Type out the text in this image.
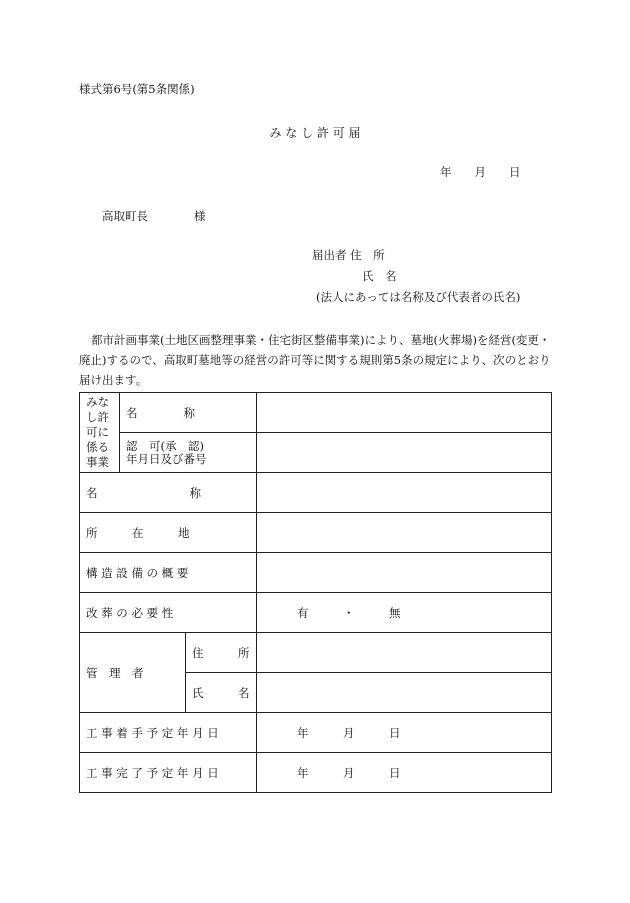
様式第6号(第5条関係)
み な し 許 可 届
年　　月　　日
高取町長　　　　様
届出者 住　所
氏　名
(法人にあっては名称及び代表者の氏名)
都市計画事業(土地区画整理事業・住宅街区整備事業)により、墓地(火葬場)を経営(変更・廃止)するので、高取町墓地等の経営の許可等に関する規則第5条の規定により、次のとおり届け出ます。
みなし許可に係る事業	名　　　　称		

	認　可(承　認)
年月日及び番号		

名　　　　　　　　称			
所　　　在　　　地			
構 造 設 備 の 概 要			
改 葬 の 必 要 性			有　　　・　　　無
管　理　者		住　　　所	
		氏　　　名	
工 事 着 手 予 定 年 月 日			年　　　月　　　日
工 事 完 了 予 定 年 月 日			年　　　月　　　日
